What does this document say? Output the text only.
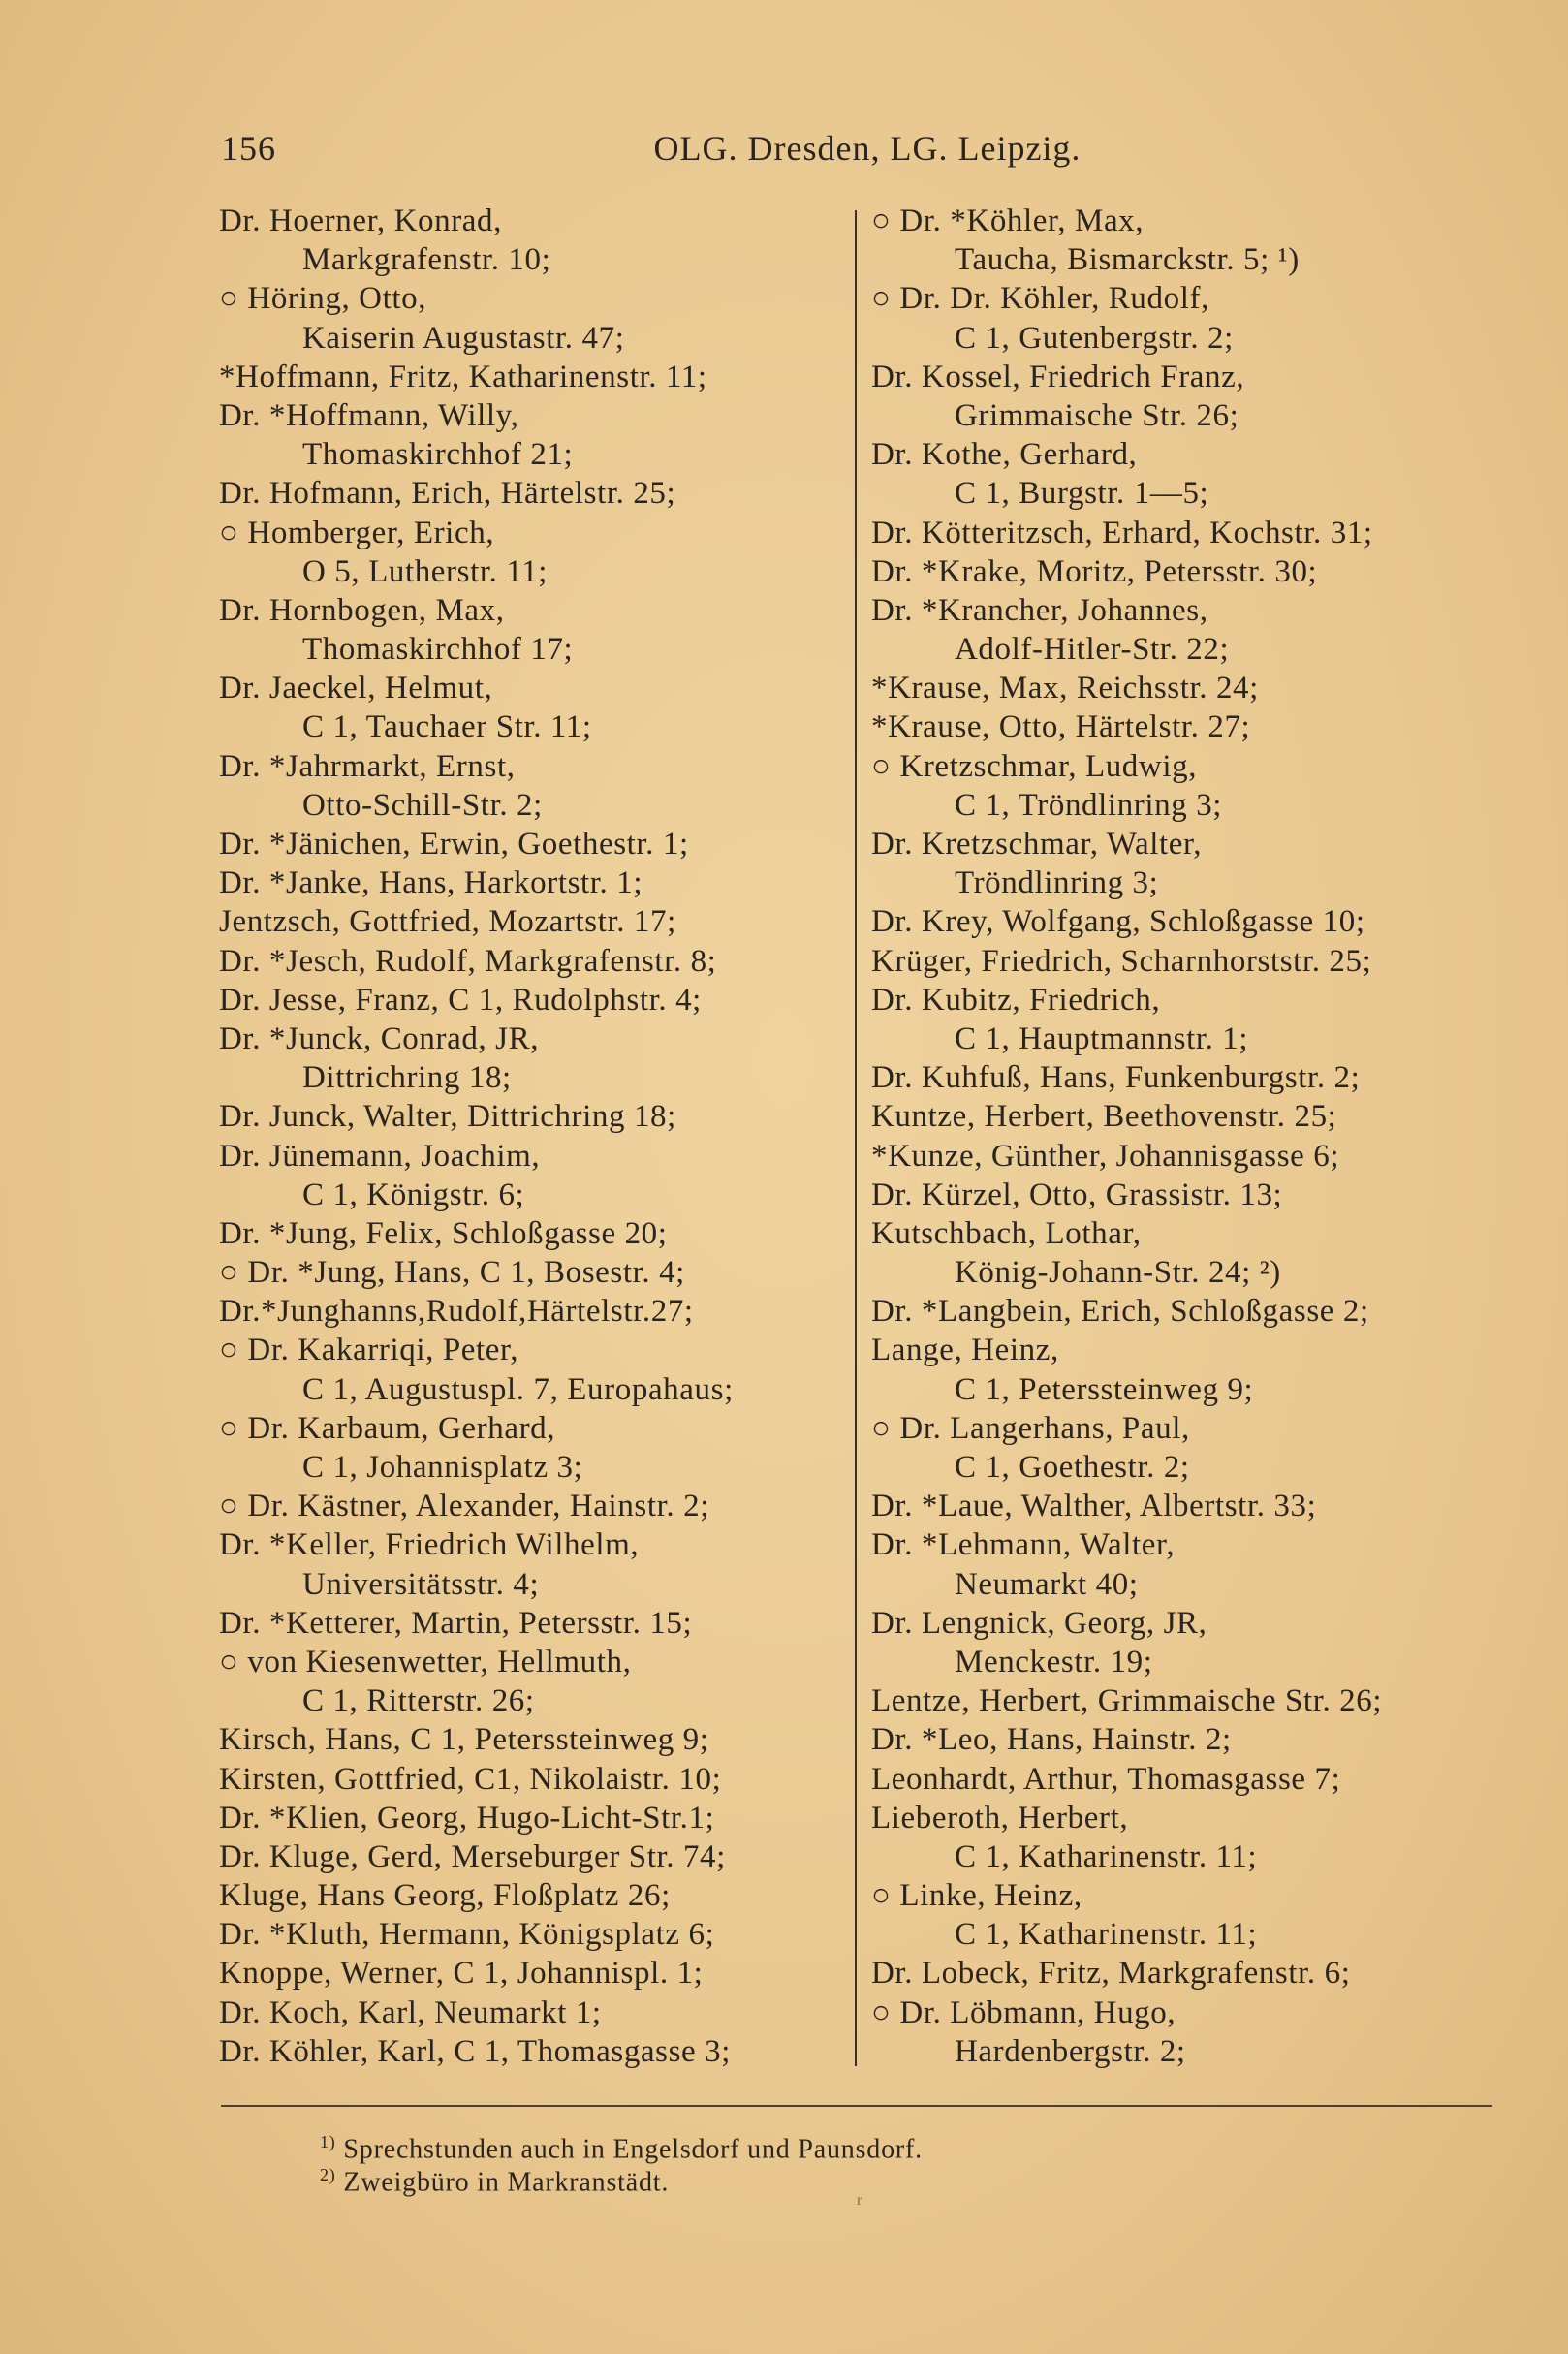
156	OLG. Dresden, LG. Leipzig.
Dr. Hoerner, Konrad,
Markgrafenstr. 10;
○ Höring, Otto,
Kaiserin Augustastr. 47;
*Hoffmann, Fritz, Katharinenstr. 11;
Dr. *Hoffmann, Willy,
Thomaskirchhof 21;
Dr. Hofmann, Erich, Härtelstr. 25;
○ Homberger, Erich,
O 5, Lutherstr. 11;
Dr. Hornbogen, Max,
Thomaskirchhof 17;
Dr. Jaeckel, Helmut,
C 1, Tauchaer Str. 11;
Dr. *Jahrmarkt, Ernst,
Otto-Schill-Str. 2;
Dr. *Jänichen, Erwin, Goethestr. 1;
Dr. *Janke, Hans, Harkortstr. 1;
Jentzsch, Gottfried, Mozartstr. 17;
Dr. *Jesch, Rudolf, Markgrafenstr. 8;
Dr. Jesse, Franz, C 1, Rudolphstr. 4;
Dr. *Junck, Conrad, JR,
Dittrichring 18;
Dr. Junck, Walter, Dittrichring 18;
Dr. Jünemann, Joachim,
C 1, Königstr. 6;
Dr. *Jung, Felix, Schloßgasse 20;
○ Dr. *Jung, Hans, C 1, Bosestr. 4;
Dr.*Junghanns,Rudolf,Härtelstr.27;
○ Dr. Kakarriqi, Peter,
C 1, Augustuspl. 7, Europahaus;
○ Dr. Karbaum, Gerhard,
C 1, Johannisplatz 3;
○ Dr. Kästner, Alexander, Hainstr. 2;
Dr. *Keller, Friedrich Wilhelm,
Universitätsstr. 4;
Dr. *Ketterer, Martin, Petersstr. 15;
○ von Kiesenwetter, Hellmuth,
C 1, Ritterstr. 26;
Kirsch, Hans, C 1, Peterssteinweg 9;
Kirsten, Gottfried, C1, Nikolaistr. 10;
Dr. *Klien, Georg, Hugo-Licht-Str.1;
Dr. Kluge, Gerd, Merseburger Str. 74;
Kluge, Hans Georg, Floßplatz 26;
Dr. *Kluth, Hermann, Königsplatz 6;
Knoppe, Werner, C 1, Johannispl. 1;
Dr. Koch, Karl, Neumarkt 1;
Dr. Köhler, Karl, C 1, Thomasgasse 3;
○ Dr. *Köhler, Max,
Taucha, Bismarckstr. 5; ¹)
○ Dr. Dr. Köhler, Rudolf,
C 1, Gutenbergstr. 2;
Dr. Kossel, Friedrich Franz,
Grimmaische Str. 26;
Dr. Kothe, Gerhard,
C 1, Burgstr. 1—5;
Dr. Kötteritzsch, Erhard, Kochstr. 31;
Dr. *Krake, Moritz, Petersstr. 30;
Dr. *Krancher, Johannes,
Adolf-Hitler-Str. 22;
*Krause, Max, Reichsstr. 24;
*Krause, Otto, Härtelstr. 27;
○ Kretzschmar, Ludwig,
C 1, Tröndlinring 3;
Dr. Kretzschmar, Walter,
Tröndlinring 3;
Dr. Krey, Wolfgang, Schloßgasse 10;
Krüger, Friedrich, Scharnhorststr. 25;
Dr. Kubitz, Friedrich,
C 1, Hauptmannstr. 1;
Dr. Kuhfuß, Hans, Funkenburgstr. 2;
Kuntze, Herbert, Beethovenstr. 25;
*Kunze, Günther, Johannisgasse 6;
Dr. Kürzel, Otto, Grassistr. 13;
Kutschbach, Lothar,
König-Johann-Str. 24; ²)
Dr. *Langbein, Erich, Schloßgasse 2;
Lange, Heinz,
C 1, Peterssteinweg 9;
○ Dr. Langerhans, Paul,
C 1, Goethestr. 2;
Dr. *Laue, Walther, Albertstr. 33;
Dr. *Lehmann, Walter,
Neumarkt 40;
Dr. Lengnick, Georg, JR,
Menckestr. 19;
Lentze, Herbert, Grimmaische Str. 26;
Dr. *Leo, Hans, Hainstr. 2;
Leonhardt, Arthur, Thomasgasse 7;
Lieberoth, Herbert,
C 1, Katharinenstr. 11;
○ Linke, Heinz,
C 1, Katharinenstr. 11;
Dr. Lobeck, Fritz, Markgrafenstr. 6;
○ Dr. Löbmann, Hugo,
Hardenbergstr. 2;
$^{1)}$ Sprechstunden auch in Engelsdorf und Paunsdorf.
$^{2)}$ Zweigbüro in Markranstädt.
r
